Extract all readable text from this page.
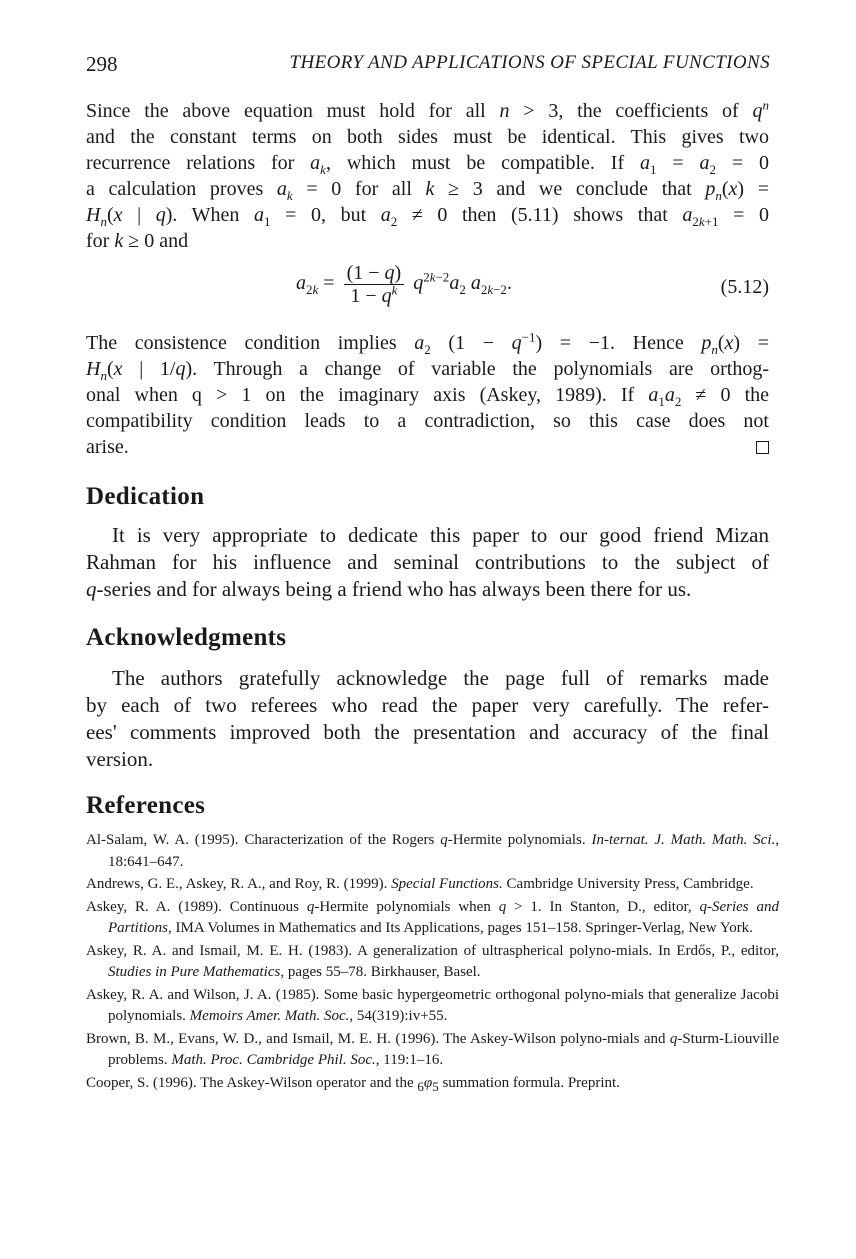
298	THEORY AND APPLICATIONS OF SPECIAL FUNCTIONS
Since the above equation must hold for all n > 3, the coefficients of $q^n$
and the constant terms on both sides must be identical. This gives two
recurrence relations for $a_k$, which must be compatible. If $a_1 = a_2 = 0$
a calculation proves $a_k = 0$ for all k ≥ 3 and we conclude that $p_n(x)$ =
$H_n(x$ | q). When $a_1 = 0$, but $a_2 \ne 0$ then (5.11) shows that $a_{2k+1} = 0$
for k ≥ 0 and
$a_{2k} = \frac{(1 - q)}{1 - q^k} q^{2k-2}a_2$ $a_{2k-2}$.	(5.12)
The consistence condition implies $a_2$ $(1 - q^{-1}) = -1$. Hence $p_n(x)$ =
$H_n(x$ | 1/q). Through a change of variable the polynomials are orthog-
onal when q > 1 on the imaginary axis (Askey, 1989). If $a_1a_2 \ne 0$ the
compatibility condition leads to a contradiction, so this case does not
arise.
Dedication
It is very appropriate to dedicate this paper to our good friend Mizan
Rahman for his influence and seminal contributions to the subject of
q-series and for always being a friend who has always been there for us.
Acknowledgments
The authors gratefully acknowledge the page full of remarks made
by each of two referees who read the paper very carefully. The refer-
ees' comments improved both the presentation and accuracy of the final
version.
References

Al-Salam, W. A. (1995). Characterization of the Rogers q-Hermite polynomials. In-ternat. J. Math. Math. Sci., 18:641–647.

Andrews, G. E., Askey, R. A., and Roy, R. (1999). Special Functions. Cambridge University Press, Cambridge.

Askey, R. A. (1989). Continuous q-Hermite polynomials when q > 1. In Stanton, D., editor, q-Series and Partitions, IMA Volumes in Mathematics and Its Applications, pages 151–158. Springer-Verlag, New York.

Askey, R. A. and Ismail, M. E. H. (1983). A generalization of ultraspherical polyno-mials. In Erdős, P., editor, Studies in Pure Mathematics, pages 55–78. Birkhauser, Basel.

Askey, R. A. and Wilson, J. A. (1985). Some basic hypergeometric orthogonal polyno-mials that generalize Jacobi polynomials. Memoirs Amer. Math. Soc., 54(319):iv+55.

Brown, B. M., Evans, W. D., and Ismail, M. E. H. (1996). The Askey-Wilson polyno-mials and q-Sturm-Liouville problems. Math. Proc. Cambridge Phil. Soc., 119:1–16.

Cooper, S. (1996). The Askey-Wilson operator and the $_6\varphi_5$ summation formula. Preprint.
